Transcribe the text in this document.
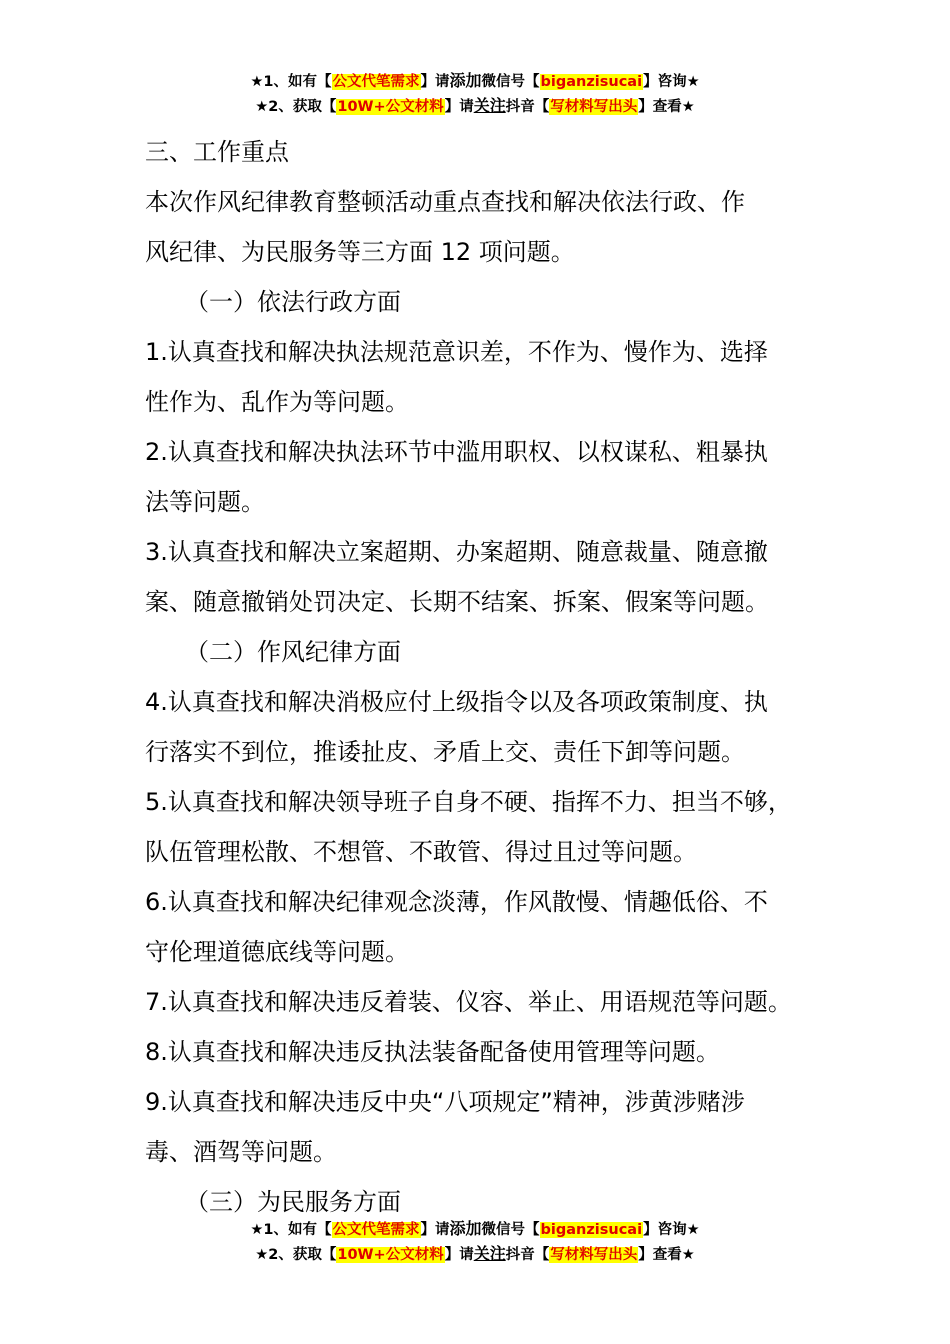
★1、如有【公文代笔需求】请添加微信号【biganzisucai】咨询★
★2、获取【10W+公文材料】请关注抖音【写材料写出头】查看★

三、工作重点

本次作风纪律教育整顿活动重点查找和解决依法行政、作

风纪律、为民服务等三方面 12 项问题。

（一）依法行政方面

1.认真查找和解决执法规范意识差，不作为、慢作为、选择

性作为、乱作为等问题。

2.认真查找和解决执法环节中滥用职权、以权谋私、粗暴执

法等问题。

3.认真查找和解决立案超期、办案超期、随意裁量、随意撤

案、随意撤销处罚决定、长期不结案、拆案、假案等问题。

（二）作风纪律方面

4.认真查找和解决消极应付上级指令以及各项政策制度、执

行落实不到位，推诿扯皮、矛盾上交、责任下卸等问题。

5.认真查找和解决领导班子自身不硬、指挥不力、担当不够，

队伍管理松散、不想管、不敢管、得过且过等问题。

6.认真查找和解决纪律观念淡薄，作风散慢、情趣低俗、不

守伦理道德底线等问题。

7.认真查找和解决违反着装、仪容、举止、用语规范等问题。

8.认真查找和解决违反执法装备配备使用管理等问题。

9.认真查找和解决违反中央“八项规定”精神，涉黄涉赌涉

毒、酒驾等问题。

（三）为民服务方面

★1、如有【公文代笔需求】请添加微信号【biganzisucai】咨询★
★2、获取【10W+公文材料】请关注抖音【写材料写出头】查看★
